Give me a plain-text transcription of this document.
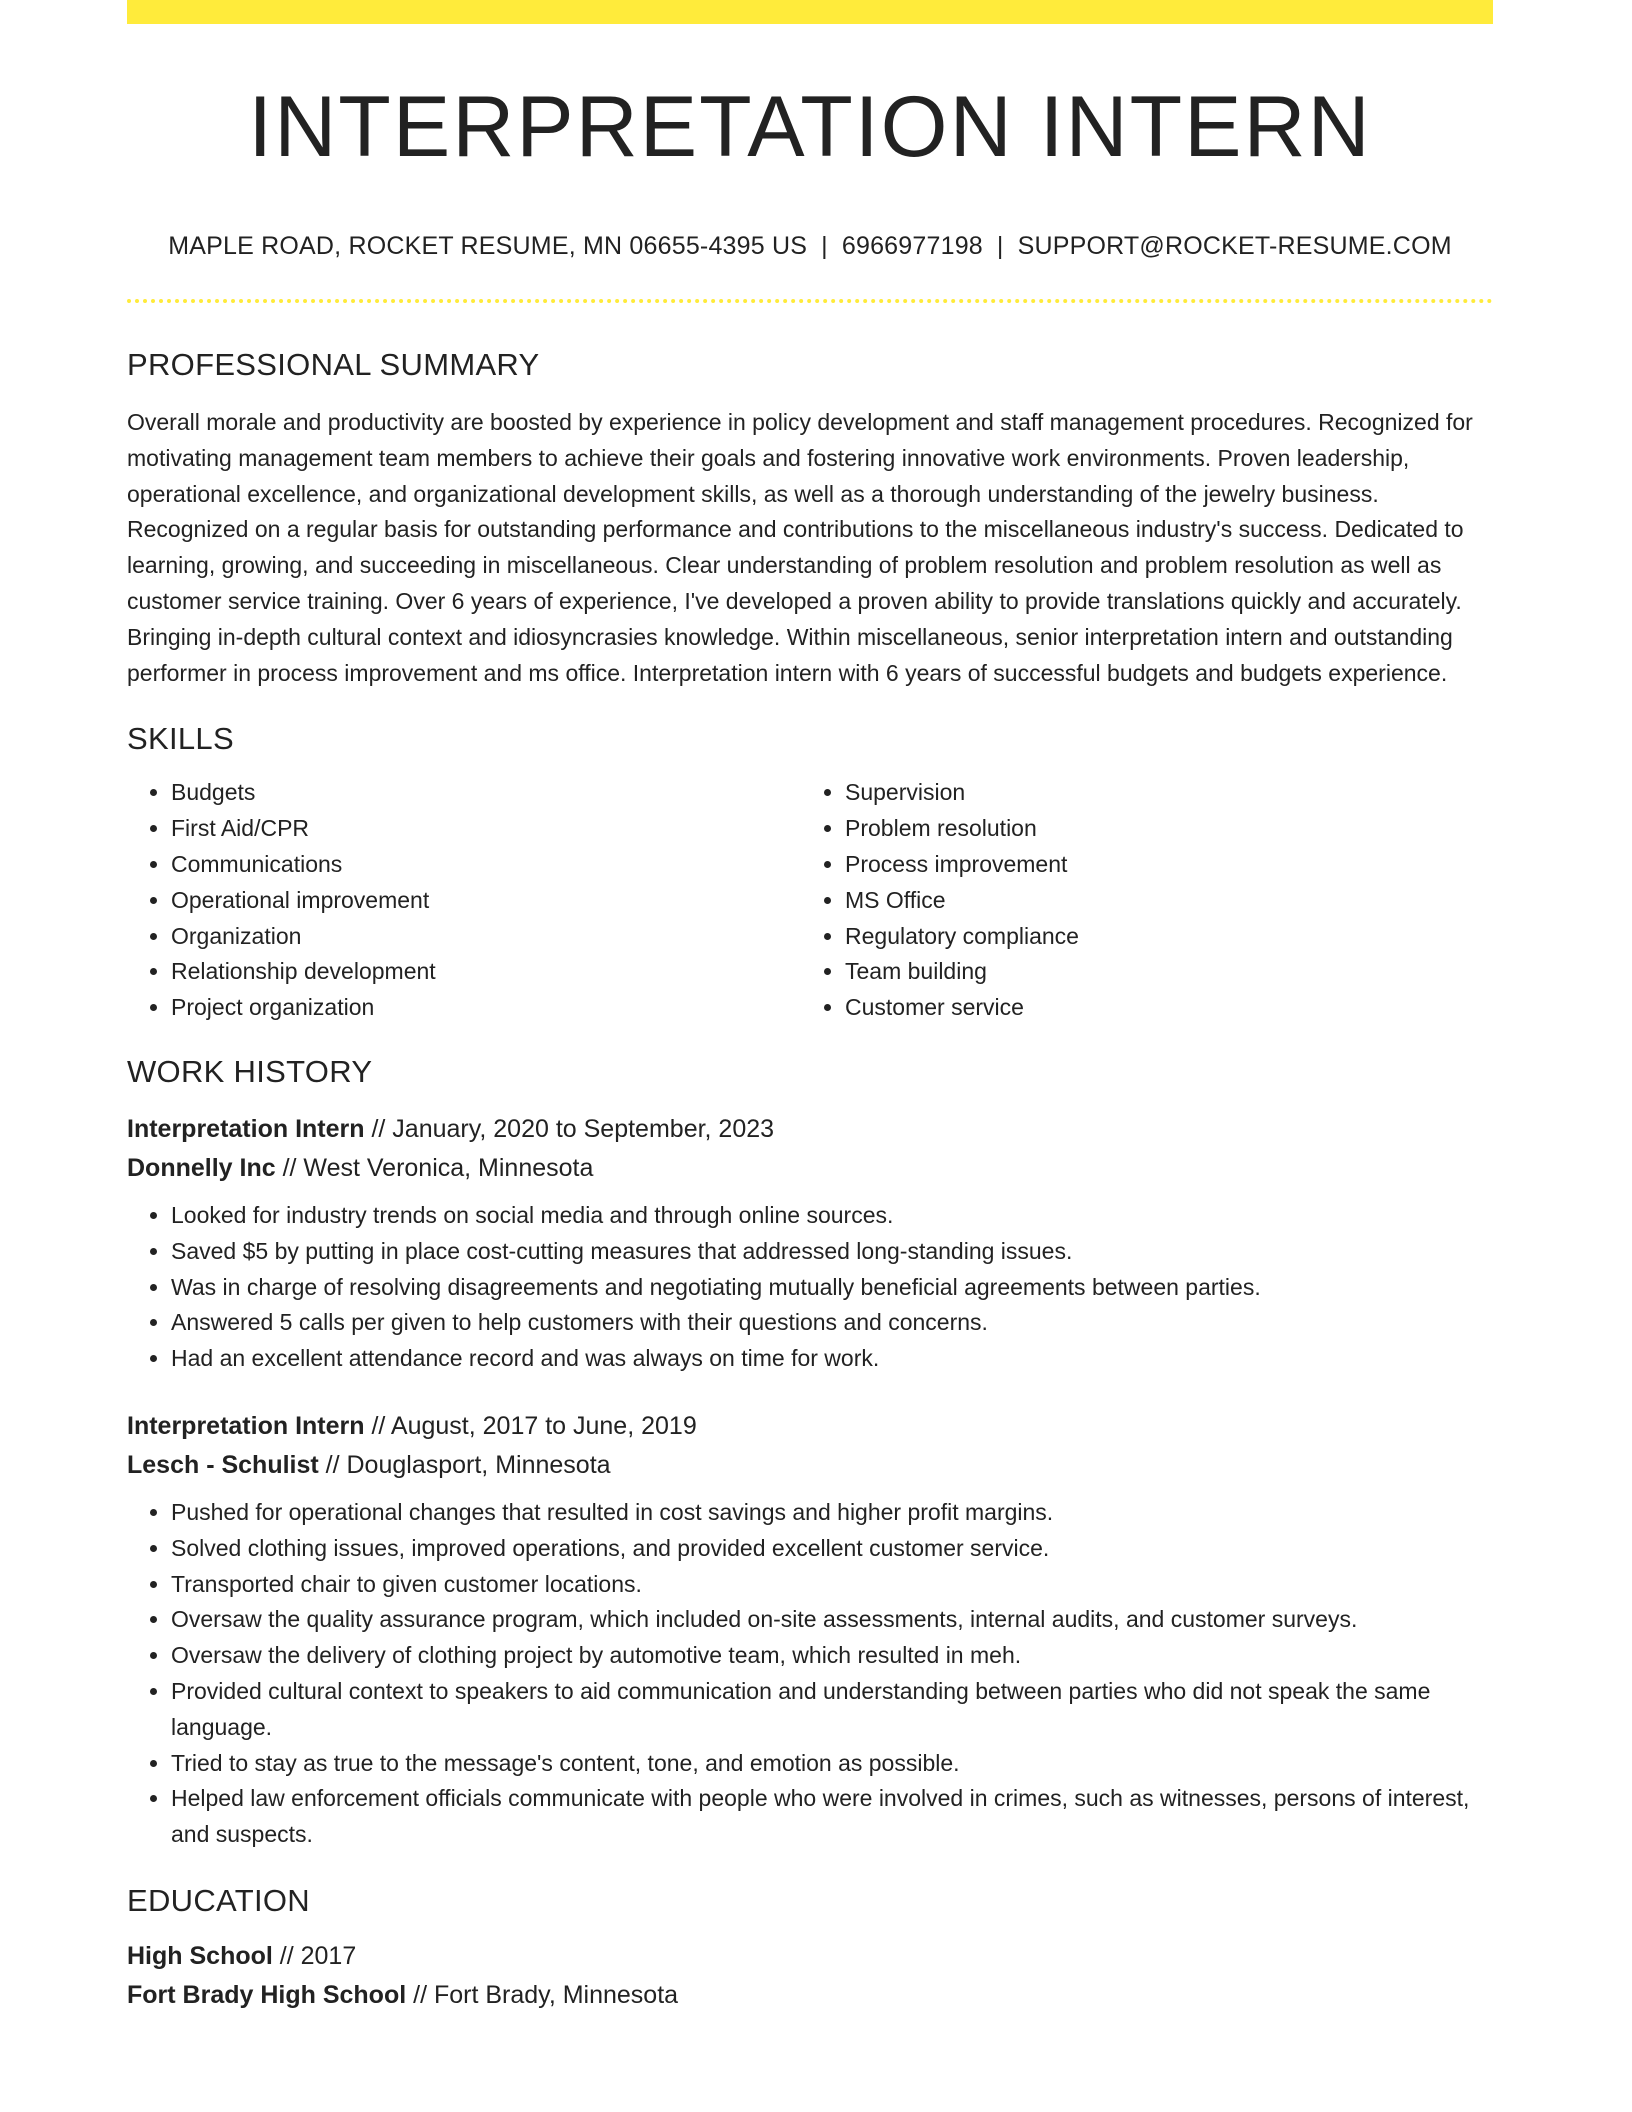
INTERPRETATION INTERN
MAPLE ROAD, ROCKET RESUME, MN 06655-4395 US | 6966977198 | SUPPORT@ROCKET-RESUME.COM
PROFESSIONAL SUMMARY
Overall morale and productivity are boosted by experience in policy development and staff management procedures. Recognized for motivating management team members to achieve their goals and fostering innovative work environments. Proven leadership, operational excellence, and organizational development skills, as well as a thorough understanding of the jewelry business. Recognized on a regular basis for outstanding performance and contributions to the miscellaneous industry's success. Dedicated to learning, growing, and succeeding in miscellaneous. Clear understanding of problem resolution and problem resolution as well as customer service training. Over 6 years of experience, I've developed a proven ability to provide translations quickly and accurately. Bringing in-depth cultural context and idiosyncrasies knowledge. Within miscellaneous, senior interpretation intern and outstanding performer in process improvement and ms office. Interpretation intern with 6 years of successful budgets and budgets experience.
SKILLS
• Budgets
• First Aid/CPR
• Communications
• Operational improvement
• Organization
• Relationship development
• Project organization
• Supervision
• Problem resolution
• Process improvement
• MS Office
• Regulatory compliance
• Team building
• Customer service
WORK HISTORY
Interpretation Intern // January, 2020 to September, 2023
Donnelly Inc // West Veronica, Minnesota
• Looked for industry trends on social media and through online sources.
• Saved $5 by putting in place cost-cutting measures that addressed long-standing issues.
• Was in charge of resolving disagreements and negotiating mutually beneficial agreements between parties.
• Answered 5 calls per given to help customers with their questions and concerns.
• Had an excellent attendance record and was always on time for work.
Interpretation Intern // August, 2017 to June, 2019
Lesch - Schulist // Douglasport, Minnesota
• Pushed for operational changes that resulted in cost savings and higher profit margins.
• Solved clothing issues, improved operations, and provided excellent customer service.
• Transported chair to given customer locations.
• Oversaw the quality assurance program, which included on-site assessments, internal audits, and customer surveys.
• Oversaw the delivery of clothing project by automotive team, which resulted in meh.
• Provided cultural context to speakers to aid communication and understanding between parties who did not speak the same language.
• Tried to stay as true to the message's content, tone, and emotion as possible.
• Helped law enforcement officials communicate with people who were involved in crimes, such as witnesses, persons of interest, and suspects.
EDUCATION
High School // 2017
Fort Brady High School // Fort Brady, Minnesota
